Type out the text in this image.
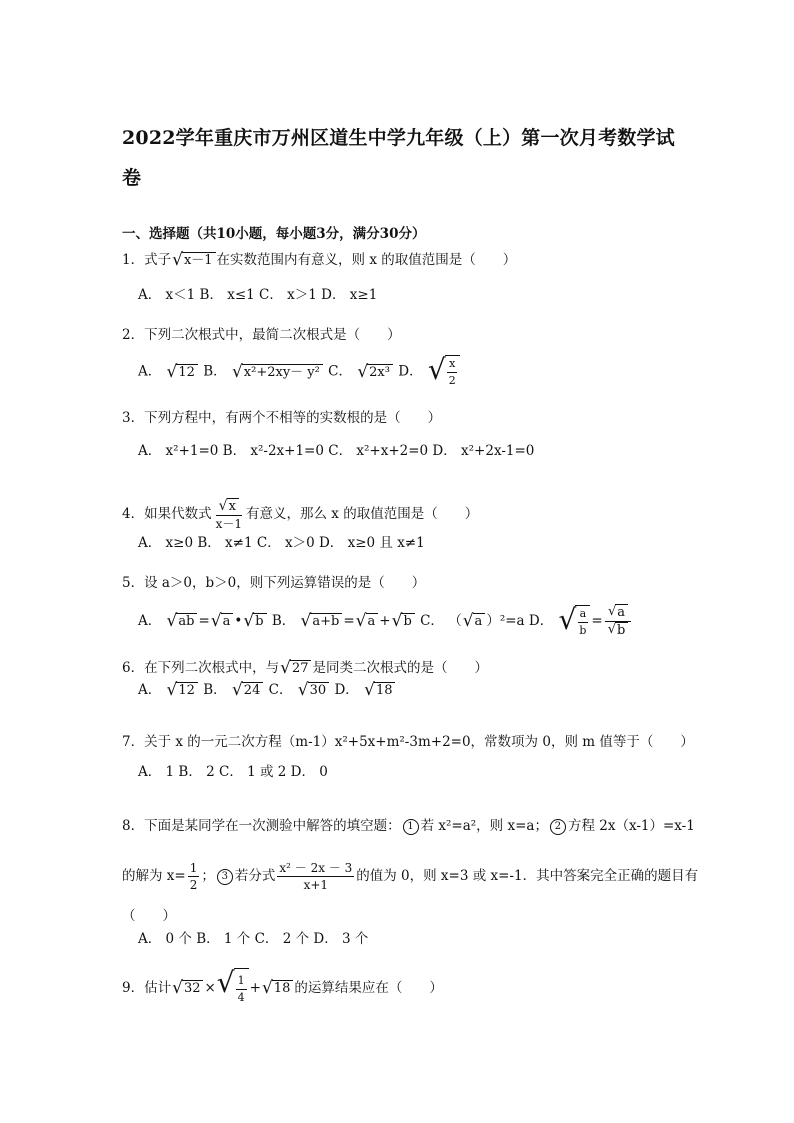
2022学年重庆市万州区道生中学九年级（上）第一次月考数学试卷
一、选择题（共10小题，每小题3分，满分30分）
1．式子 √ x－1 在实数范围内有意义，则 x 的取值范围是（　　）
A． x＜1 B． x≤1 C． x＞1 D． x≥1
2．下列二次根式中，最简二次根式是（　　）
A． √ 12 B． √ x²+2xy－ y² C． √ 2x³ D． √ $\frac{x}{2}$
3．下列方程中，有两个不相等的实数根的是（　　）
A． x²+1=0 B． x²-2x+1=0 C． x²+x+2=0 D． x²+2x-1=0
4．如果代数式 $\frac{√ x}{x-1}$ 有意义，那么 x 的取值范围是（　　）
A． x≥0 B． x≠1 C． x＞0 D． x≥0 且 x≠1
5．设 a＞0，b＞0，则下列运算错误的是（　　）
A． √ ab = √ a • √ b B． √ a+b = √ a + √ b C． （ √ a ）²=a D． √ $\frac{a}{b} = \frac{√ a}{√ b}$
6．在下列二次根式中，与 √ 27 是同类二次根式的是（　　）
A． √ 12 B． √ 24 C． √ 30 D． √ 18
7．关于 x 的一元二次方程（m-1）x²+5x+m²-3m+2=0，常数项为 0，则 m 值等于（　　）
A． 1 B． 2 C． 1 或 2 D． 0
8．下面是某同学在一次测验中解答的填空题： 1 若 x²=a²，则 x=a； 2 方程 2x（x-1）=x-1
的解为 $x= \frac{1}{2}$ ； 3 若分式 $\frac{\text{x² － 2x － 3}}{x+1}$ 的值为 0，则 x=3 或 x=-1．其中答案完全正确的题目有
（　　）
A． 0 个 B． 1 个 C． 2 个 D． 3 个
9．估计 √ 32 × √ $\frac{1}{4}$ + √ 18 的运算结果应在（　　）
